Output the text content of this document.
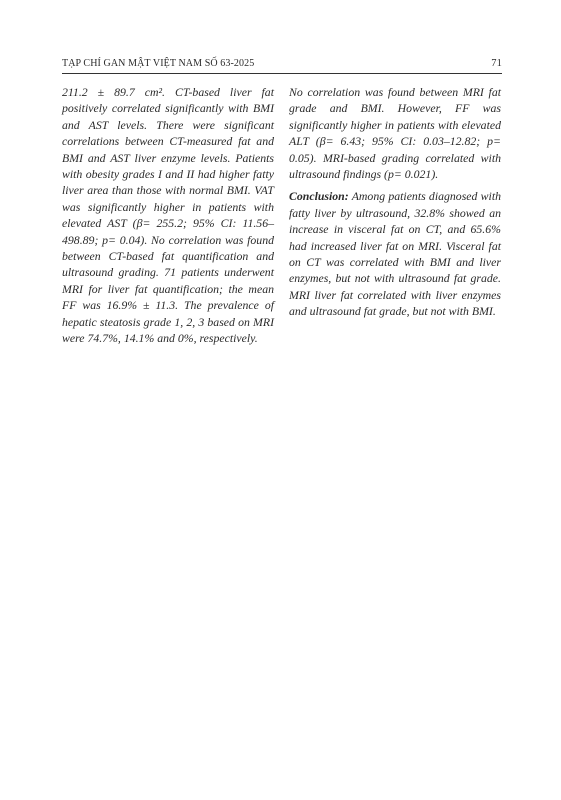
TẠP CHÍ GAN MẬT VIỆT NAM SỐ 63-2025	71

211.2 ± 89.7 cm². CT-based liver fat positively correlated significantly with BMI and AST levels. There were significant correlations between CT-measured fat and BMI and AST liver enzyme levels. Patients with obesity grades I and II had higher fatty liver area than those with normal BMI. VAT was significantly higher in patients with elevated AST (β= 255.2; 95% CI: 11.56–498.89; p= 0.04). No correlation was found between CT-based fat quantification and ultrasound grading. 71 patients underwent MRI for liver fat quantification; the mean FF was 16.9% ± 11.3. The prevalence of hepatic steatosis grade 1, 2, 3 based on MRI were 74.7%, 14.1% and 0%, respectively.

No correlation was found between MRI fat grade and BMI. However, FF was significantly higher in patients with elevated ALT (β= 6.43; 95% CI: 0.03–12.82; p= 0.05). MRI-based grading correlated with ultrasound findings (p= 0.021).

Conclusion: Among patients diagnosed with fatty liver by ultrasound, 32.8% showed an increase in visceral fat on CT, and 65.6% had increased liver fat on MRI. Visceral fat on CT was correlated with BMI and liver enzymes, but not with ultrasound fat grade. MRI liver fat correlated with liver enzymes and ultrasound fat grade, but not with BMI.
